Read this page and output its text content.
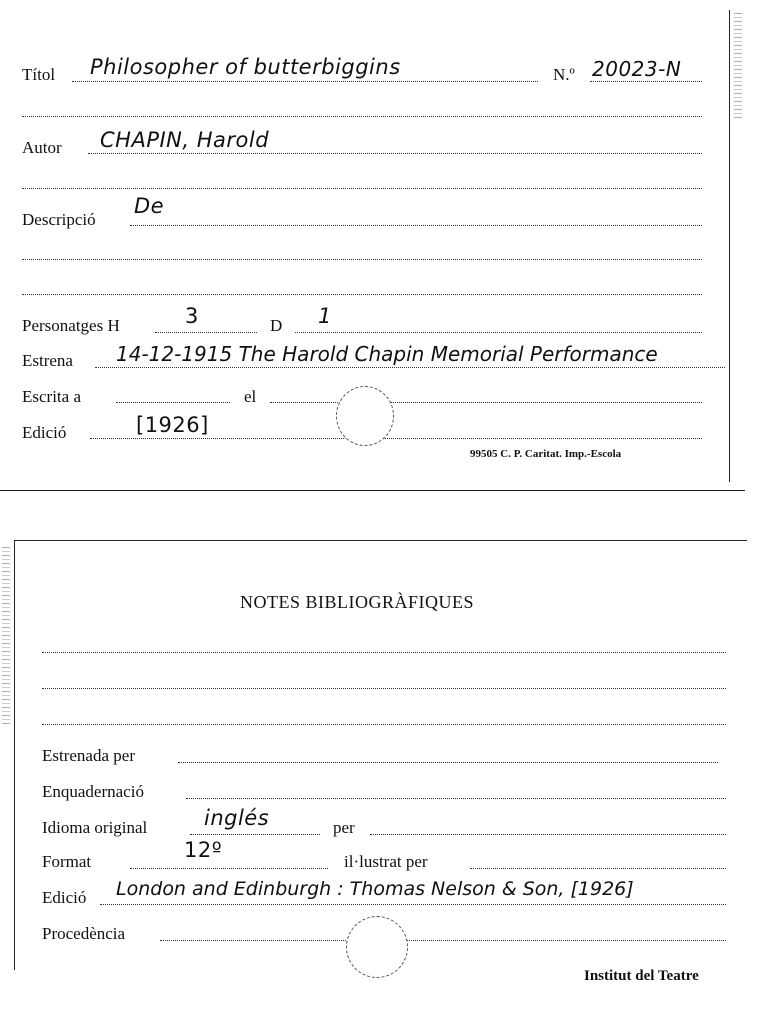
Títol Philosopher of butterbiggins	N.º 20023-N
Autor CHAPIN, Harold
Descripció
De
Personatges H	3	D 1
Estrena 14-12-1915 The Harold Chapin Memorial Performance
Escrita a	el
Edició	[1926]
99505 C. P. Caritat. Imp.-Escola
NOTES BIBLIOGRÀFIQUES
Estrenada per
Enquadernació
Idioma original	inglés	per
Format	12º	il·lustrat per
Edició London and Edinburgh : Thomas Nelson & Son, [1926]
Procedència
Institut del Teatre
